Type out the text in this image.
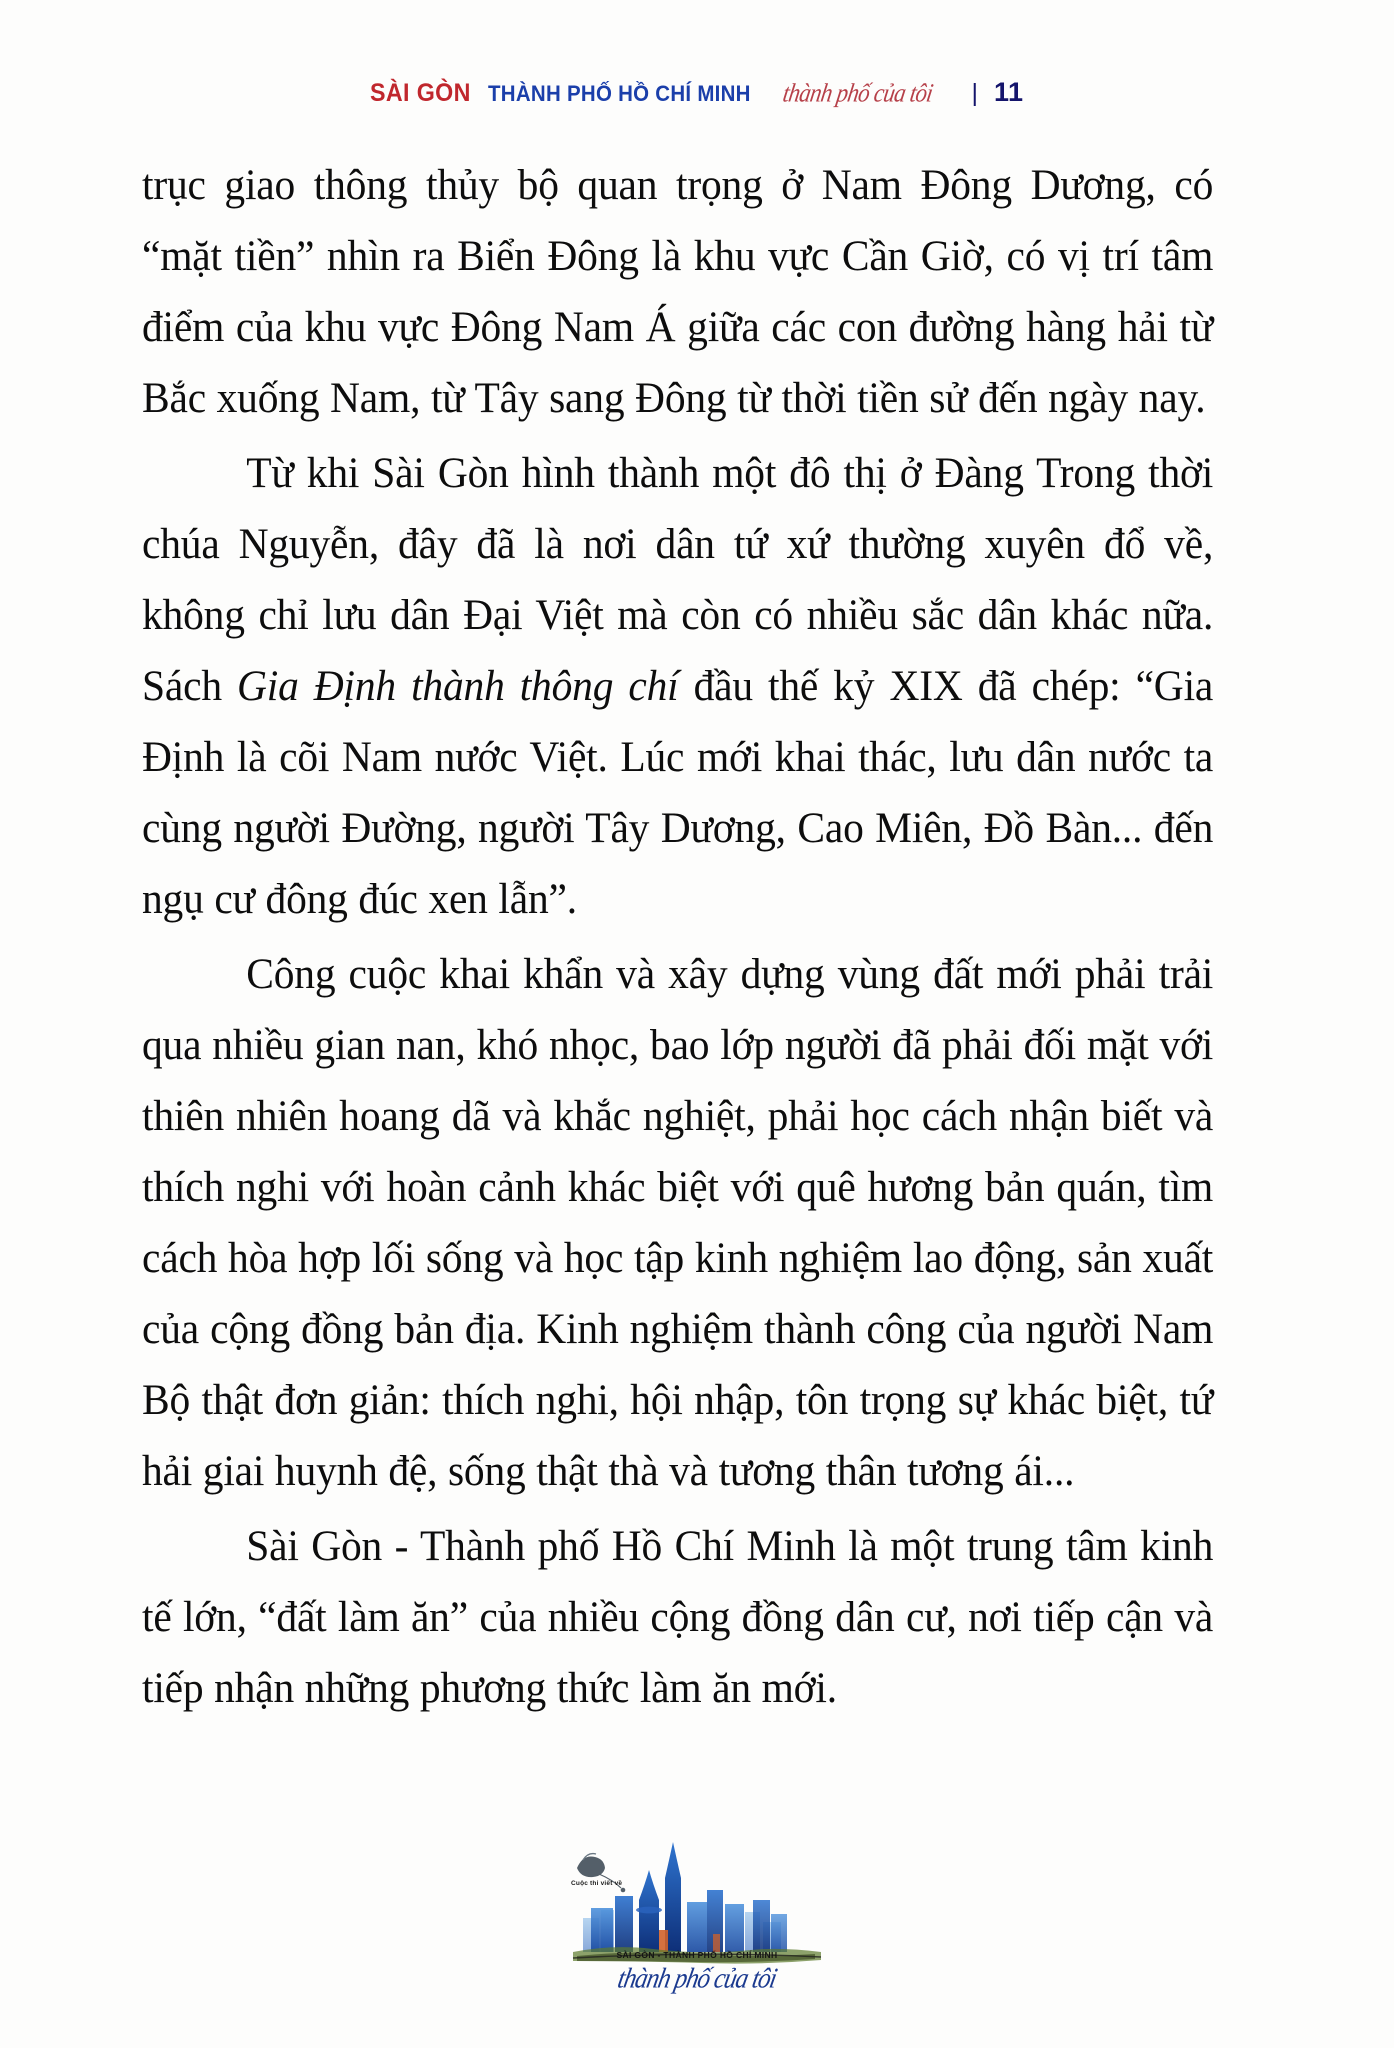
SÀI GÒN THÀNH PHỐ HỒ CHÍ MINH thành phố của tôi | 11

trục giao thông thủy bộ quan trọng ở Nam Đông Dương, có “mặt tiền” nhìn ra Biển Đông là khu vực Cần Giờ, có vị trí tâm điểm của khu vực Đông Nam Á giữa các con đường hàng hải từ Bắc xuống Nam, từ Tây sang Đông từ thời tiền sử đến ngày nay.

Từ khi Sài Gòn hình thành một đô thị ở Đàng Trong thời chúa Nguyễn, đây đã là nơi dân tứ xứ thường xuyên đổ về, không chỉ lưu dân Đại Việt mà còn có nhiều sắc dân khác nữa. Sách Gia Định thành thông chí đầu thế kỷ XIX đã chép: “Gia Định là cõi Nam nước Việt. Lúc mới khai thác, lưu dân nước ta cùng người Đường, người Tây Dương, Cao Miên, Đồ Bàn... đến ngụ cư đông đúc xen lẫn”.

Công cuộc khai khẩn và xây dựng vùng đất mới phải trải qua nhiều gian nan, khó nhọc, bao lớp người đã phải đối mặt với thiên nhiên hoang dã và khắc nghiệt, phải học cách nhận biết và thích nghi với hoàn cảnh khác biệt với quê hương bản quán, tìm cách hòa hợp lối sống và học tập kinh nghiệm lao động, sản xuất của cộng đồng bản địa. Kinh nghiệm thành công của người Nam Bộ thật đơn giản: thích nghi, hội nhập, tôn trọng sự khác biệt, tứ hải giai huynh đệ, sống thật thà và tương thân tương ái...

Sài Gòn - Thành phố Hồ Chí Minh là một trung tâm kinh tế lớn, “đất làm ăn” của nhiều cộng đồng dân cư, nơi tiếp cận và tiếp nhận những phương thức làm ăn mới.

Cuộc thi viết về
SÀI GÒN - THÀNH PHỐ HỒ CHÍ MINH
thành phố của tôi
